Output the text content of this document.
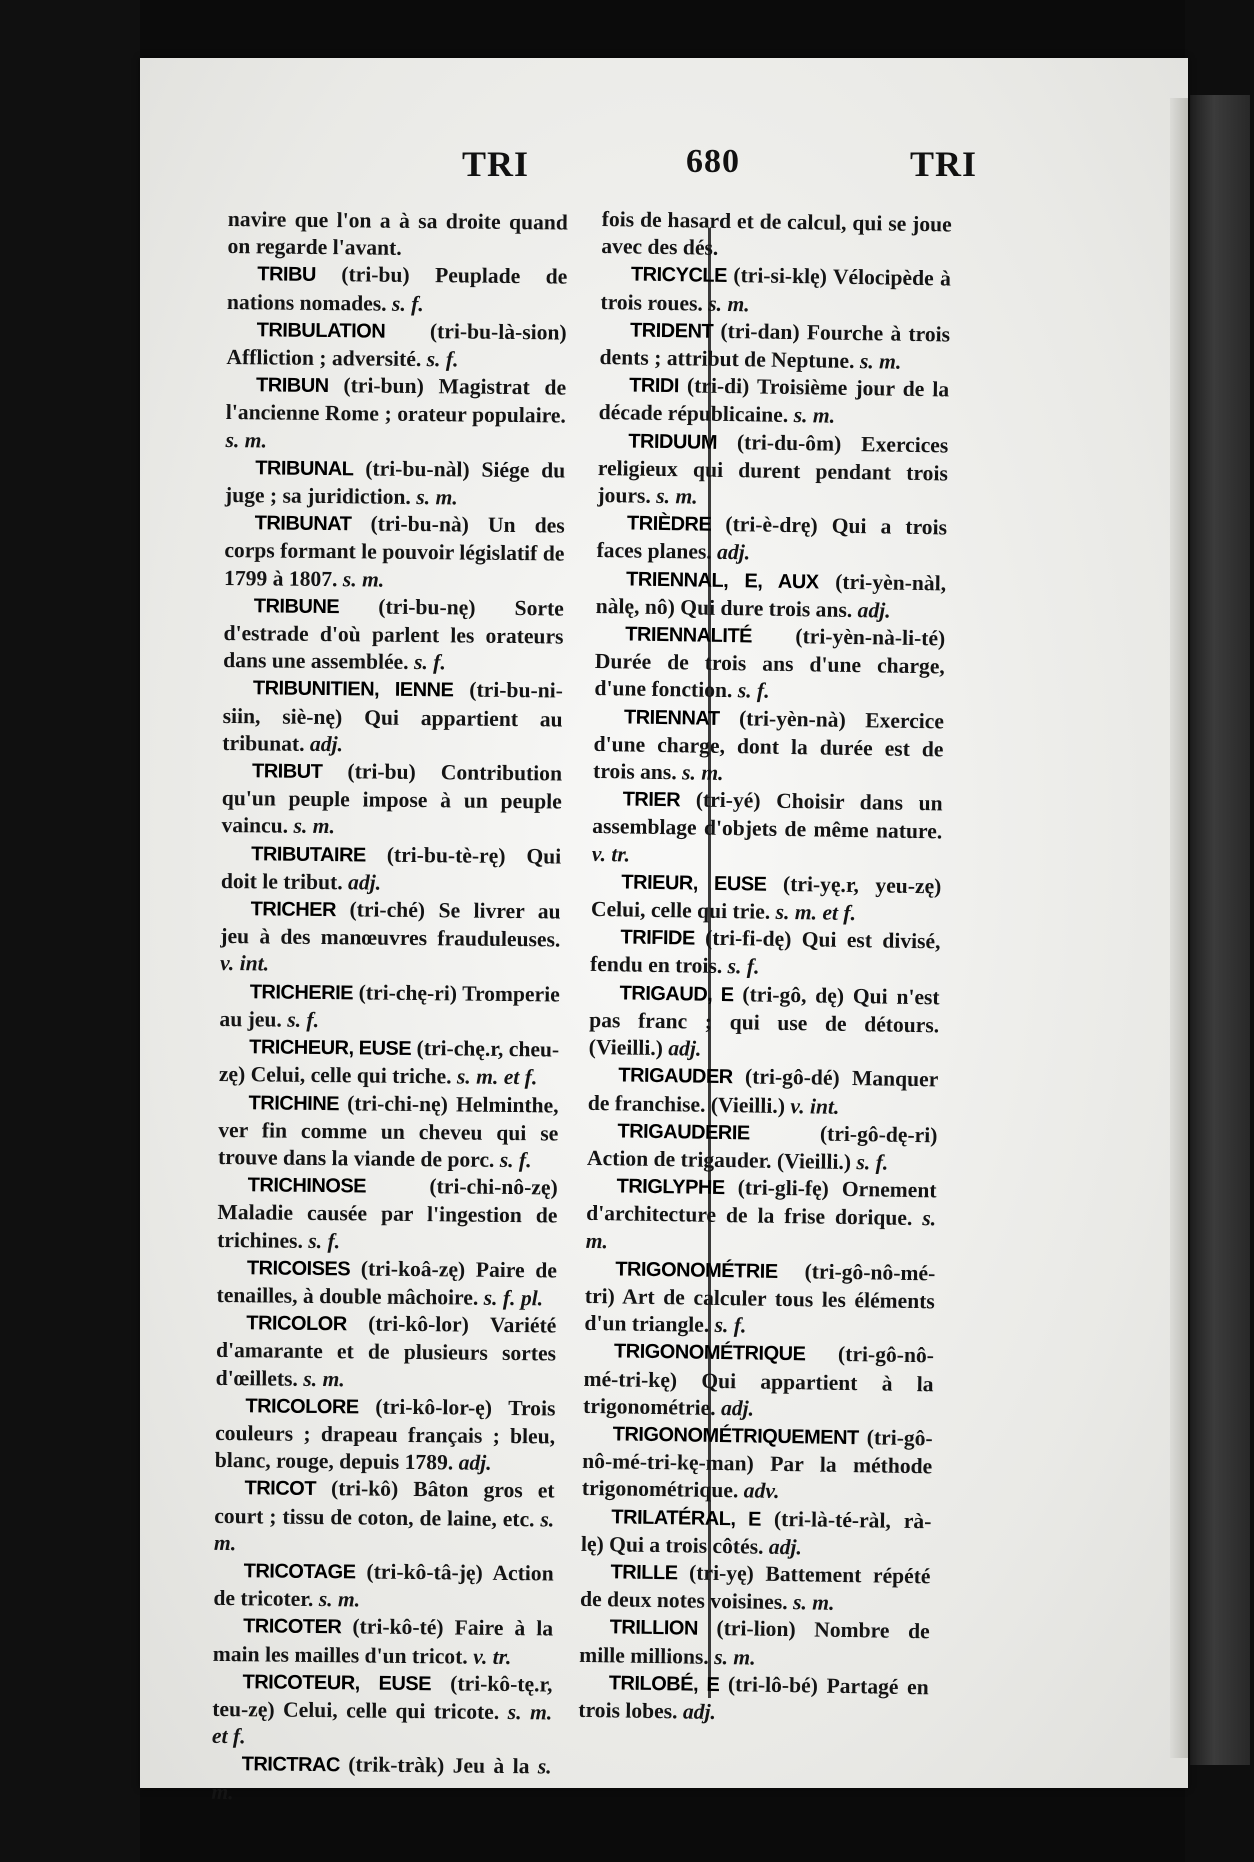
TRI	680	TRI

navire que l'on a à sa droite quand on regarde l'avant.

TRIBU (tri-bu) Peuplade de nations nomades. s. f.

TRIBULATION (tri-bu-là-sion) Affliction ; adversité. s. f.

TRIBUN (tri-bun) Magistrat de l'ancienne Rome ; orateur populaire. s. m.

TRIBUNAL (tri-bu-nàl) Siége du juge ; sa juridiction. s. m.

TRIBUNAT (tri-bu-nà) Un des corps formant le pouvoir législatif de 1799 à 1807. s. m.

TRIBUNE (tri-bu-nę) Sorte d'estrade d'où parlent les orateurs dans une assemblée. s. f.

TRIBUNITIEN, IENNE (tri-bu-ni-siin, siè-nę) Qui appartient au tribunat. adj.

TRIBUT (tri-bu) Contribution qu'un peuple impose à un peuple vaincu. s. m.

TRIBUTAIRE (tri-bu-tè-rę) Qui doit le tribut. adj.

TRICHER (tri-ché) Se livrer au jeu à des manœuvres frauduleuses. v. int.

TRICHERIE (tri-chę-ri) Tromperie au jeu. s. f.

TRICHEUR, EUSE (tri-chę.r, cheu-zę) Celui, celle qui triche. s. m. et f.

TRICHINE (tri-chi-nę) Helminthe, ver fin comme un cheveu qui se trouve dans la viande de porc. s. f.

TRICHINOSE	(tri-chi-nô-zę) Maladie causée par l'ingestion de trichines. s. f.

TRICOISES (tri-koâ-zę) Paire de tenailles, à double mâchoire. s. f. pl.

TRICOLOR (tri-kô-lor) Variété d'amarante et de plusieurs sortes d'œillets. s. m.

TRICOLORE (tri-kô-lor-ę) Trois couleurs ; drapeau français ; bleu, blanc, rouge, depuis 1789. adj.

TRICOT (tri-kô) Bâton gros et court ; tissu de coton, de laine, etc. s. m.

TRICOTAGE (tri-kô-tâ-ję) Action de tricoter. s. m.

TRICOTER (tri-kô-té) Faire à la main les mailles d'un tricot. v. tr.

TRICOTEUR, EUSE (tri-kô-tę.r, teu-zę) Celui, celle qui tricote. s. m. et f.

TRICTRAC (trik-tràk) Jeu à la s. m.

fois de hasard et de calcul, qui se joue avec des dés.

TRICYCLE (tri-si-klę) Vélocipède à trois roues. s. m.

TRIDENT (tri-dan) Fourche à trois dents ; attribut de Neptune. s. m.

TRIDI (tri-di) Troisième jour de la décade républicaine. s. m.

TRIDUUM (tri-du-ôm) Exercices religieux qui durent pendant trois jours. s. m.

TRIÈDRE (tri-è-drę) Qui a trois faces planes. adj.

TRIENNAL, E, AUX (tri-yèn-nàl, nàlę, nô) Qui dure trois ans. adj.

TRIENNALITÉ (tri-yèn-nà-li-té) Durée de trois ans d'une charge, d'une fonction. s. f.

TRIENNAT (tri-yèn-nà) Exercice d'une charge, dont la durée est de trois ans. s. m.

TRIER (tri-yé) Choisir dans un assemblage d'objets de même nature. v. tr.

TRIEUR, EUSE (tri-yę.r, yeu-zę) Celui, celle qui trie. s. m. et f.

TRIFIDE (tri-fi-dę) Qui est divisé, fendu en trois. s. f.

TRIGAUD, E (tri-gô, dę) Qui n'est pas franc ; qui use de détours. (Vieilli.) adj.

TRIGAUDER (tri-gô-dé) Manquer de franchise. (Vieilli.) v. int.

TRIGAUDERIE	(tri-gô-dę-ri) Action de trigauder. (Vieilli.) s. f.

TRIGLYPHE (tri-gli-fę) Ornement d'architecture de la frise dorique. s. m.

TRIGONOMÉTRIE (tri-gô-nô-mé-tri) Art de calculer tous les éléments d'un triangle. s. f.

TRIGONOMÉTRIQUE (tri-gô-nô-mé-tri-kę) Qui appartient à la trigonométrie. adj.

TRIGONOMÉTRIQUEMENT (tri-gô-nô-mé-tri-kę-man) Par la méthode trigonométrique. adv.

TRILATÉRAL, E (tri-là-té-ràl, rà-lę) Qui a trois côtés. adj.

TRILLE (tri-yę) Battement répété de deux notes voisines. s. m.

TRILLION (tri-lion) Nombre de mille millions. s. m.

TRILOBÉ, E (tri-lô-bé) Partagé en trois lobes. adj.
